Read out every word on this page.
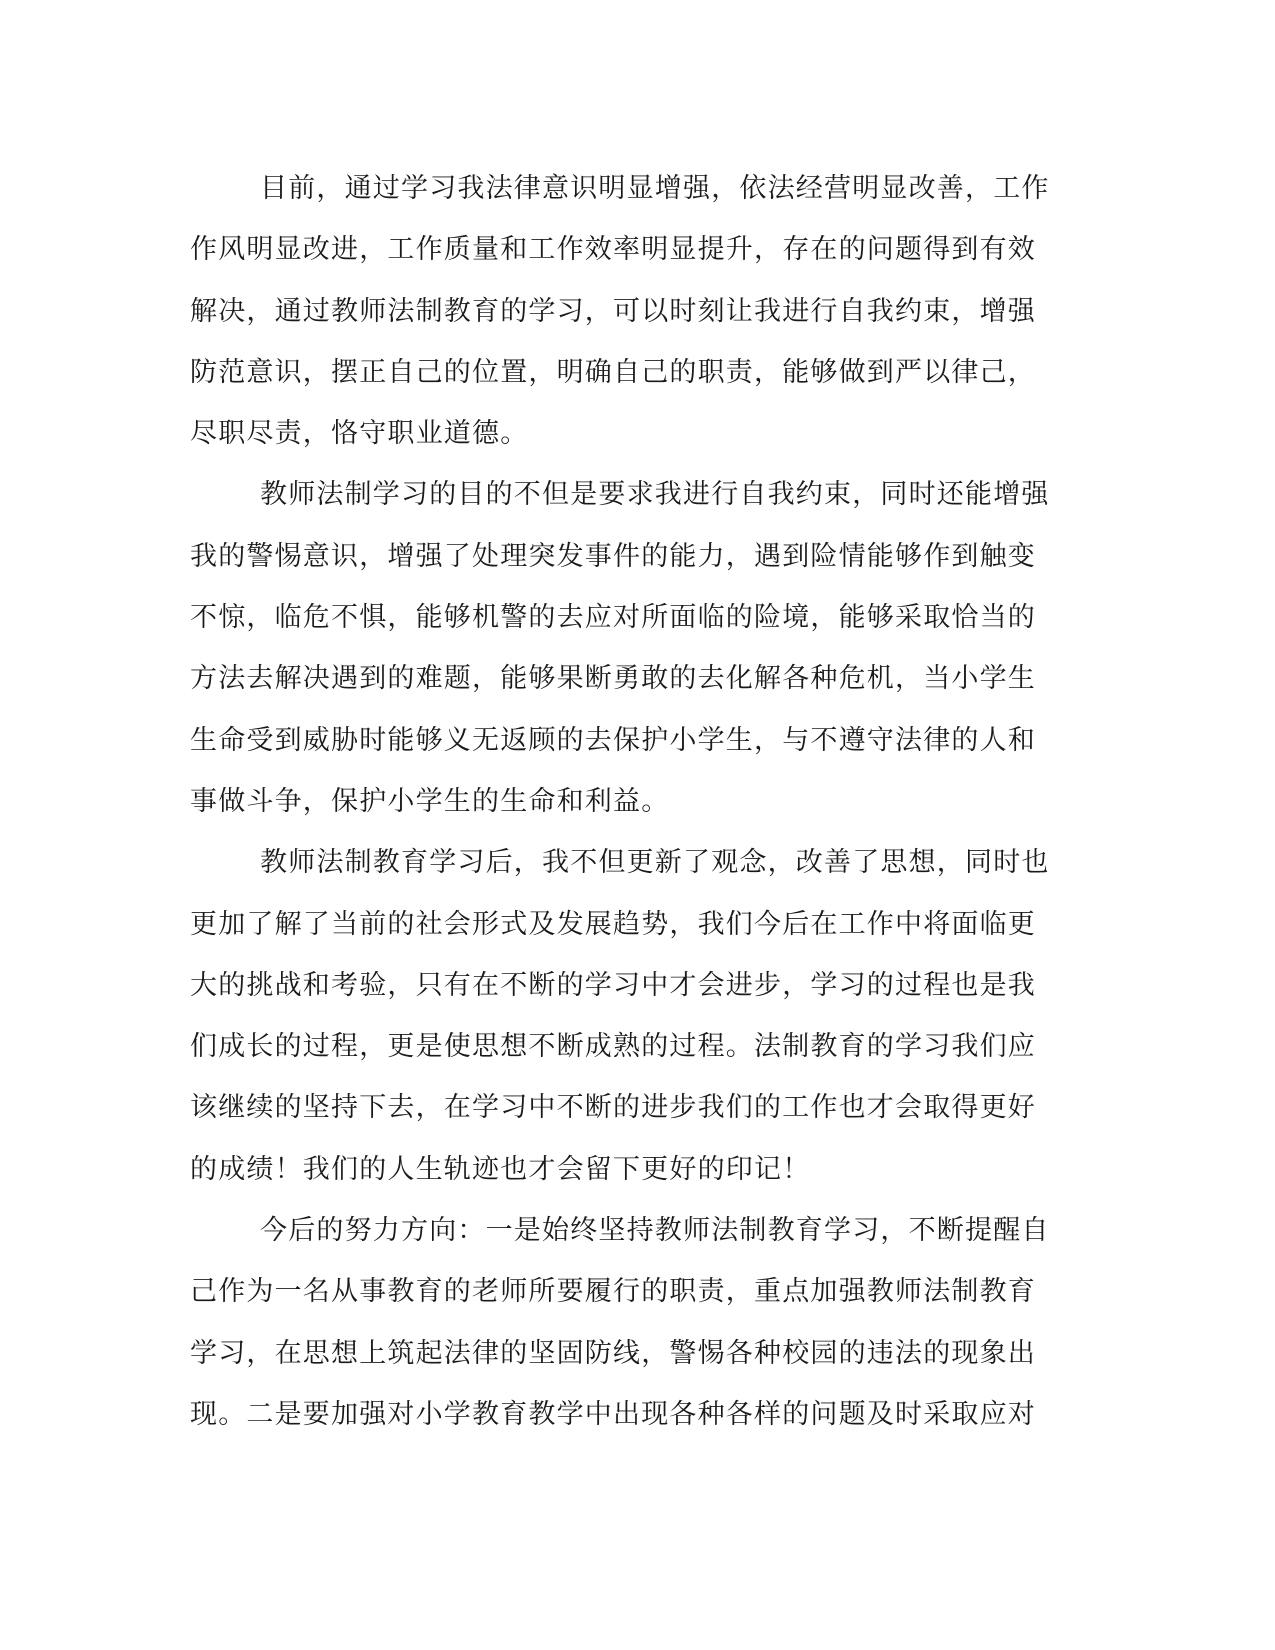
目前，通过学习我法律意识明显增强，依法经营明显改善，工作
作风明显改进，工作质量和工作效率明显提升，存在的问题得到有效
解决，通过教师法制教育的学习，可以时刻让我进行自我约束，增强
防范意识，摆正自己的位置，明确自己的职责，能够做到严以律己，
尽职尽责，恪守职业道德。
教师法制学习的目的不但是要求我进行自我约束，同时还能增强
我的警惕意识，增强了处理突发事件的能力，遇到险情能够作到触变
不惊，临危不惧，能够机警的去应对所面临的险境，能够采取恰当的
方法去解决遇到的难题，能够果断勇敢的去化解各种危机，当小学生
生命受到威胁时能够义无返顾的去保护小学生，与不遵守法律的人和
事做斗争，保护小学生的生命和利益。
教师法制教育学习后，我不但更新了观念，改善了思想，同时也
更加了解了当前的社会形式及发展趋势，我们今后在工作中将面临更
大的挑战和考验，只有在不断的学习中才会进步，学习的过程也是我
们成长的过程，更是使思想不断成熟的过程。法制教育的学习我们应
该继续的坚持下去，在学习中不断的进步我们的工作也才会取得更好
的成绩！我们的人生轨迹也才会留下更好的印记！
今后的努力方向：一是始终坚持教师法制教育学习，不断提醒自
己作为一名从事教育的老师所要履行的职责，重点加强教师法制教育
学习，在思想上筑起法律的坚固防线，警惕各种校园的违法的现象出
现。二是要加强对小学教育教学中出现各种各样的问题及时采取应对
